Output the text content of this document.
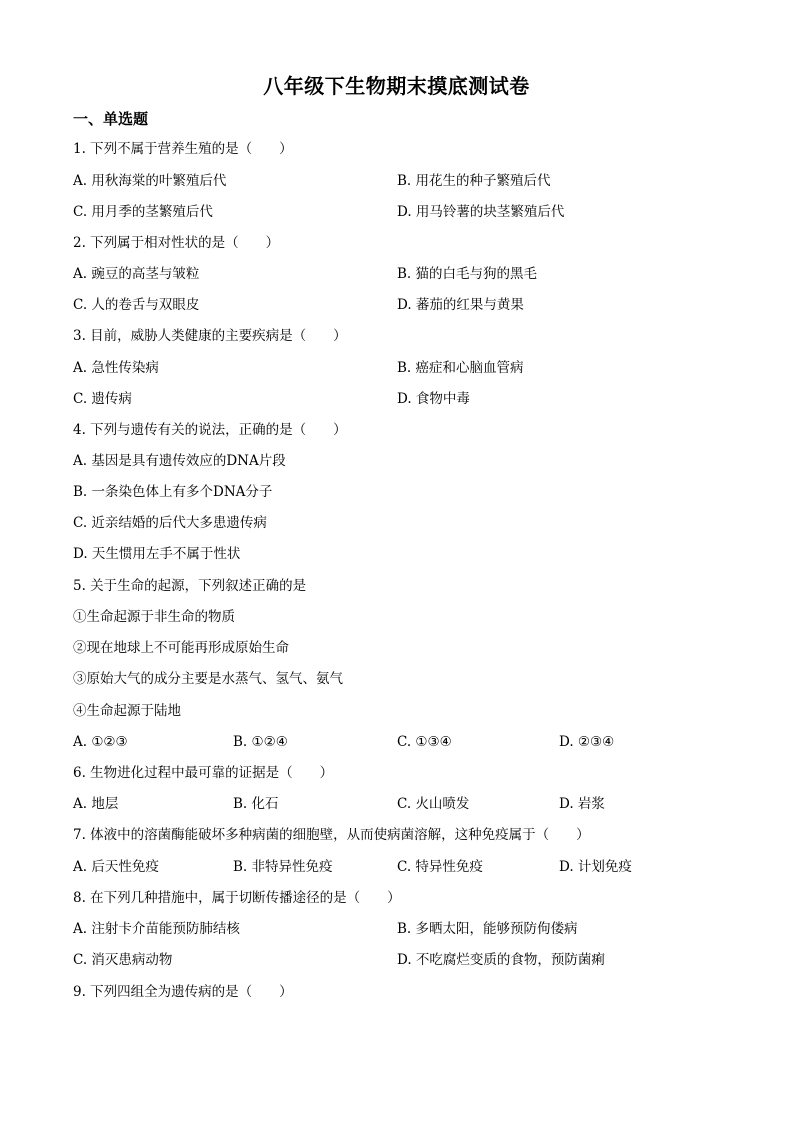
八年级下生物期末摸底测试卷
一、单选题
1. 下列不属于营养生殖的是（　　）
A. 用秋海棠的叶繁殖后代	B. 用花生的种子繁殖后代
C. 用月季的茎繁殖后代	D. 用马铃薯的块茎繁殖后代
2. 下列属于相对性状的是（　　）
A. 豌豆的高茎与皱粒	B. 猫的白毛与狗的黑毛
C. 人的卷舌与双眼皮	D. 蕃茄的红果与黄果
3. 目前，威胁人类健康的主要疾病是（　　）
A. 急性传染病	B. 癌症和心脑血管病
C. 遗传病	D. 食物中毒
4. 下列与遗传有关的说法，正确的是（　　）
A. 基因是具有遗传效应的DNA片段
B. 一条染色体上有多个DNA分子
C. 近亲结婚的后代大多患遗传病
D. 天生惯用左手不属于性状
5. 关于生命的起源，下列叙述正确的是
①生命起源于非生命的物质
②现在地球上不可能再形成原始生命
③原始大气的成分主要是水蒸气、氢气、氨气
④生命起源于陆地
A. ①②③	B. ①②④	C. ①③④	D. ②③④
6. 生物进化过程中最可靠的证据是（　　）
A. 地层	B. 化石	C. 火山喷发	D. 岩浆
7. 体液中的溶菌酶能破坏多种病菌的细胞壁，从而使病菌溶解，这种免疫属于（　　）
A. 后天性免疫	B. 非特异性免疫	C. 特异性免疫	D. 计划免疫
8. 在下列几种措施中，属于切断传播途径的是（　　）
A. 注射卡介苗能预防肺结核	B. 多晒太阳，能够预防佝偻病
C. 消灭患病动物	D. 不吃腐烂变质的食物，预防菌痢
9. 下列四组全为遗传病的是（　　）
